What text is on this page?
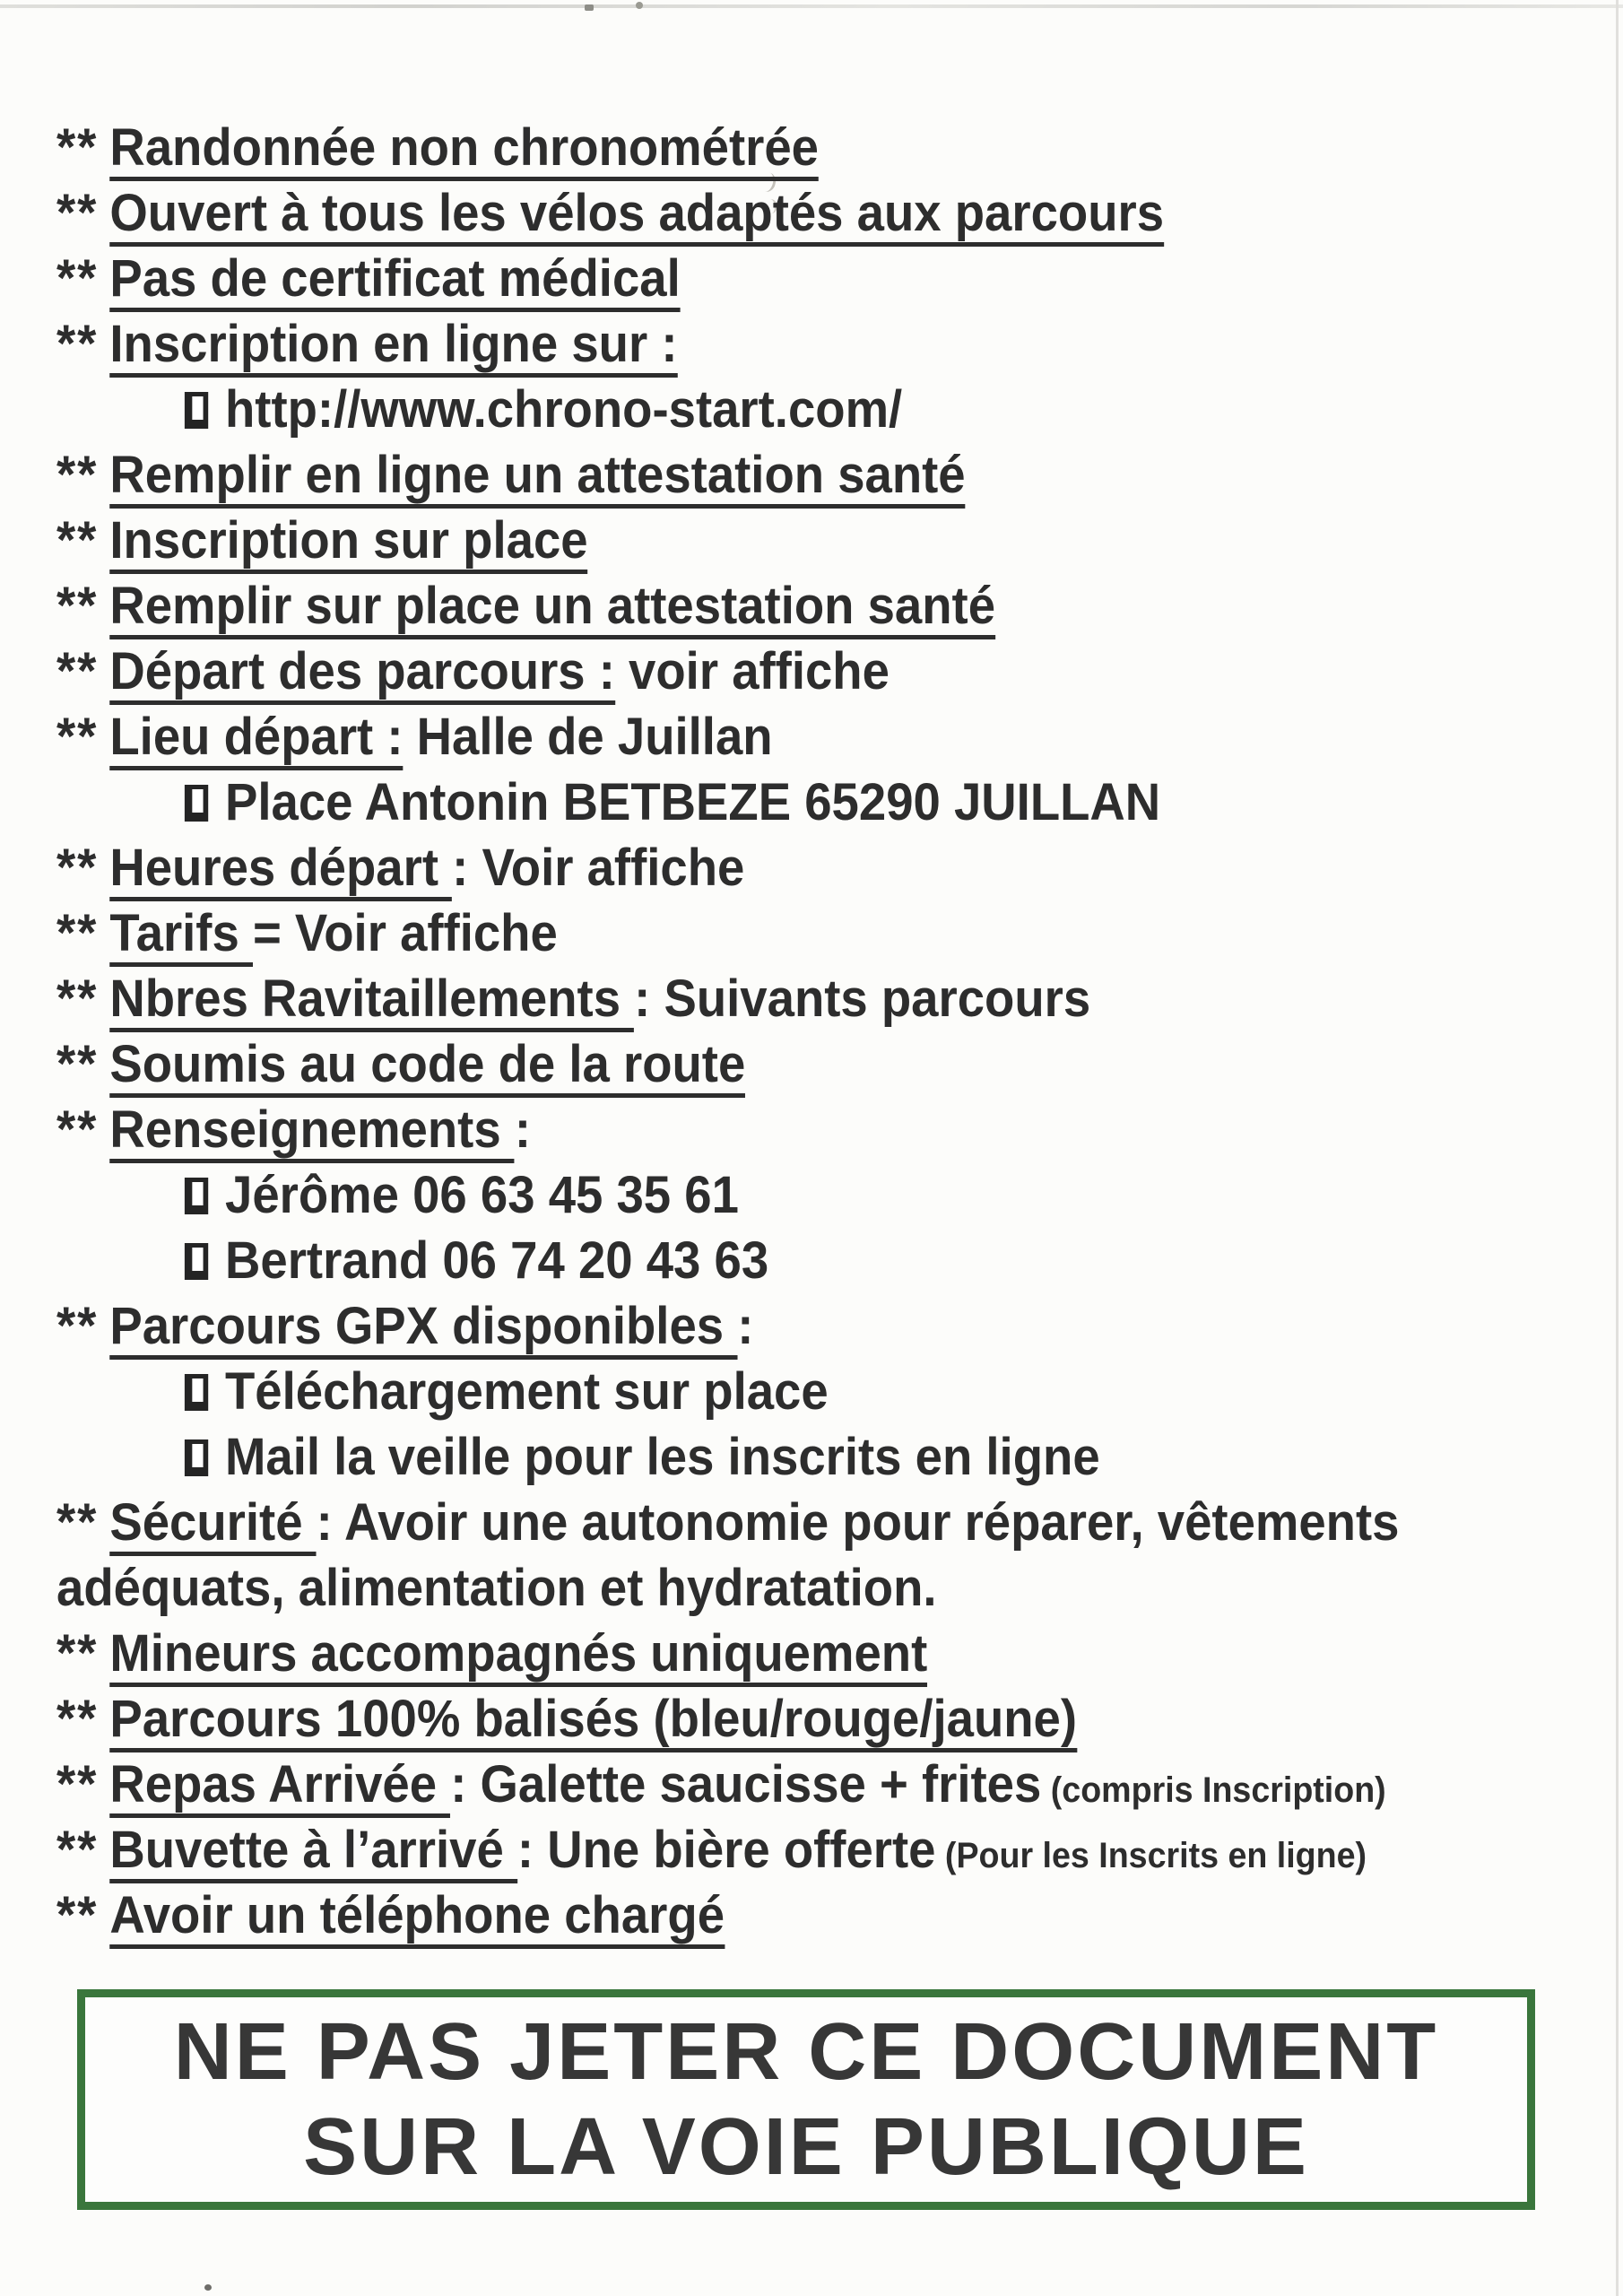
** Randonnée non chronométrée
** Ouvert à tous les vélos adaptés aux parcours
** Pas de certificat médical
** Inscription en ligne sur :
http://www.chrono-start.com/
** Remplir en ligne un attestation santé
** Inscription sur place
** Remplir sur place un attestation santé
** Départ des parcours : voir affiche
** Lieu départ : Halle de Juillan
Place Antonin BETBEZE 65290 JUILLAN
** Heures départ : Voir affiche
** Tarifs = Voir affiche
** Nbres Ravitaillements : Suivants parcours
** Soumis au code de la route
** Renseignements :
Jérôme 06 63 45 35 61
Bertrand 06 74 20 43 63
** Parcours GPX disponibles :
Téléchargement sur place
Mail la veille pour les inscrits en ligne
** Sécurité : Avoir une autonomie pour réparer, vêtements
adéquats, alimentation et hydratation.
** Mineurs accompagnés uniquement
** Parcours 100% balisés (bleu/rouge/jaune)
** Repas Arrivée : Galette saucisse + frites (compris Inscription)
** Buvette à l’arrivé : Une bière offerte (Pour les Inscrits en ligne)
** Avoir un téléphone chargé
NE PAS JETER CE DOCUMENT
SUR LA VOIE PUBLIQUE
